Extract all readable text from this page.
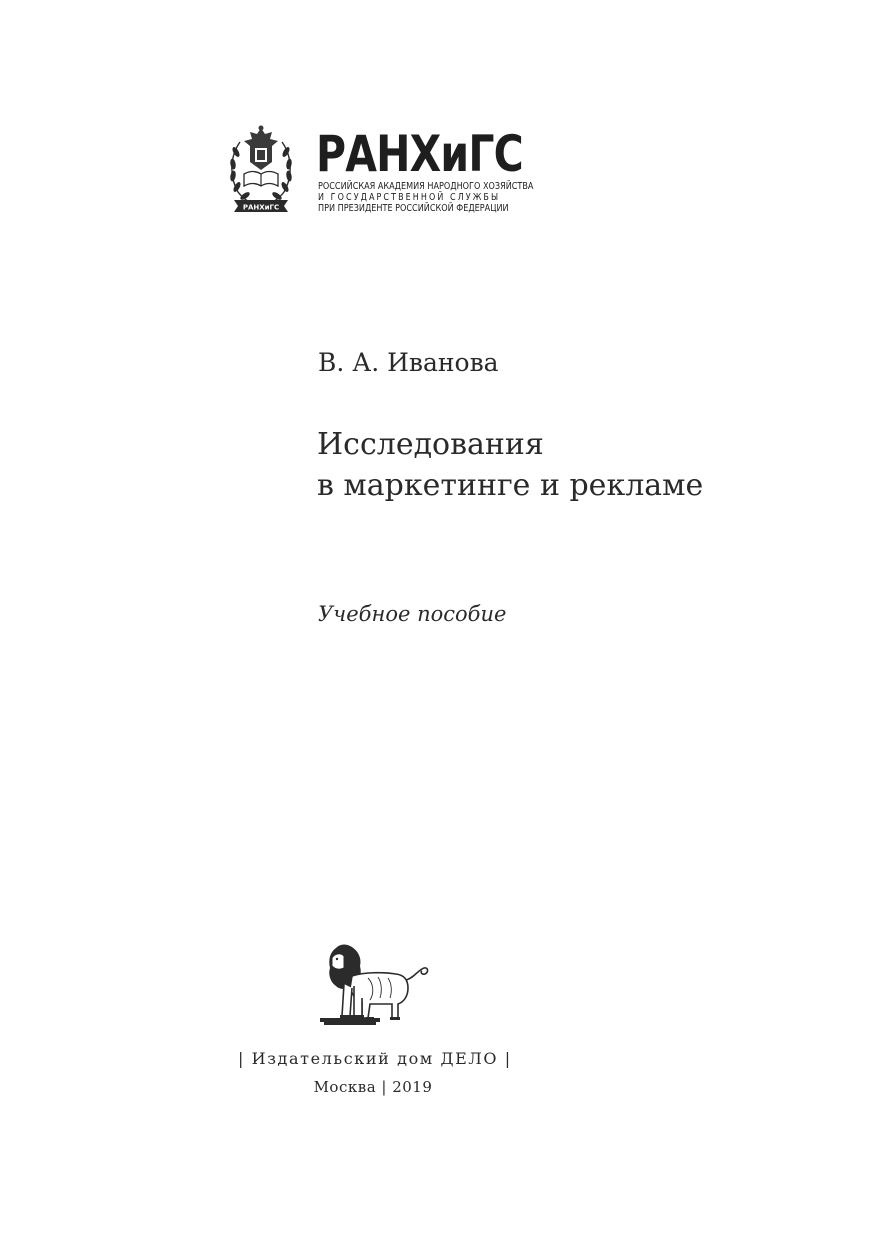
РАНХиГС
РАНХиГС
РОССИЙСКАЯ АКАДЕМИЯ НАРОДНОГО ХОЗЯЙСТВА
И ГОСУДАРСТВЕННОЙ СЛУЖБЫ
ПРИ ПРЕЗИДЕНТЕ РОССИЙСКОЙ ФЕДЕРАЦИИ
В. А. Иванова
Исследования
в маркетинге и рекламе
Учебное пособие
| Издательский дом ДЕЛО |
Москва | 2019
